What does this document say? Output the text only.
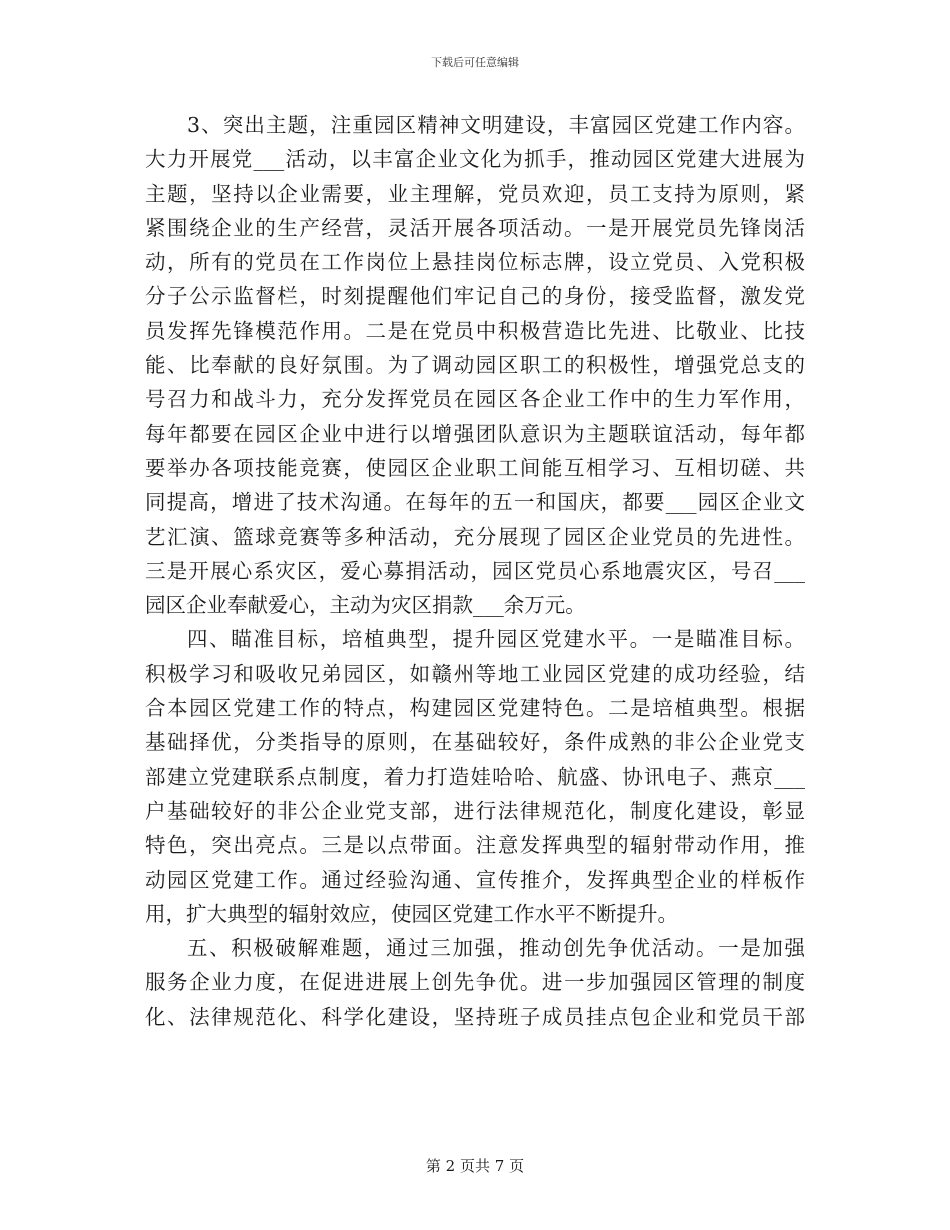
下载后可任意编辑
3、突出主题，注重园区精神文明建设，丰富园区党建工作内容。
大力开展党___活动，以丰富企业文化为抓手，推动园区党建大进展为
主题，坚持以企业需要，业主理解，党员欢迎，员工支持为原则，紧
紧围绕企业的生产经营，灵活开展各项活动。一是开展党员先锋岗活
动，所有的党员在工作岗位上悬挂岗位标志牌，设立党员、入党积极
分子公示监督栏，时刻提醒他们牢记自己的身份，接受监督，激发党
员发挥先锋模范作用。二是在党员中积极营造比先进、比敬业、比技
能、比奉献的良好氛围。为了调动园区职工的积极性，增强党总支的
号召力和战斗力，充分发挥党员在园区各企业工作中的生力军作用，
每年都要在园区企业中进行以增强团队意识为主题联谊活动，每年都
要举办各项技能竞赛，使园区企业职工间能互相学习、互相切磋、共
同提高，增进了技术沟通。在每年的五一和国庆，都要___园区企业文
艺汇演、篮球竞赛等多种活动，充分展现了园区企业党员的先进性。
三是开展心系灾区，爱心募捐活动，园区党员心系地震灾区，号召___
园区企业奉献爱心，主动为灾区捐款___余万元。
四、瞄准目标，培植典型，提升园区党建水平。一是瞄准目标。
积极学习和吸收兄弟园区，如赣州等地工业园区党建的成功经验，结
合本园区党建工作的特点，构建园区党建特色。二是培植典型。根据
基础择优，分类指导的原则，在基础较好，条件成熟的非公企业党支
部建立党建联系点制度，着力打造娃哈哈、航盛、协讯电子、燕京___
户基础较好的非公企业党支部，进行法律规范化，制度化建设，彰显
特色，突出亮点。三是以点带面。注意发挥典型的辐射带动作用，推
动园区党建工作。通过经验沟通、宣传推介，发挥典型企业的样板作
用，扩大典型的辐射效应，使园区党建工作水平不断提升。
五、积极破解难题，通过三加强，推动创先争优活动。一是加强
服务企业力度，在促进进展上创先争优。进一步加强园区管理的制度
化、法律规范化、科学化建设，坚持班子成员挂点包企业和党员干部
第 2 页共 7 页
